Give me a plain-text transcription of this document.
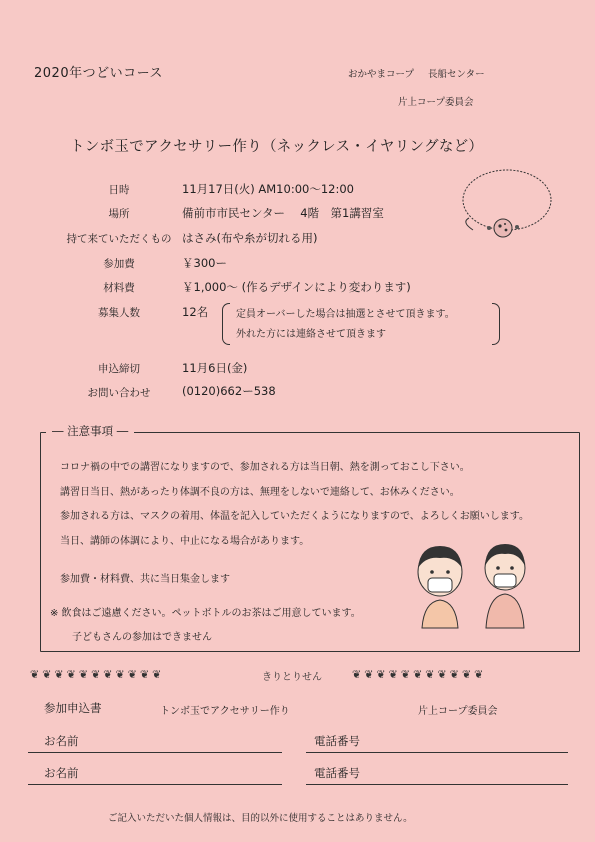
2020年つどいコース	おかやまコープ 長船センター
片上コープ委員会
トンボ玉でアクセサリー作り（ネックレス・イヤリングなど）
日時	11月17日(火) AM10:00〜12:00
場所	備前市市民センター　 4階　第1講習室
持て来ていただくもの はさみ(布や糸が切れる用)
参加費	￥300ー
材料費	￥1,000〜 (作るデザインにより変わります)
募集人数	12名	定員オーバーした場合は抽選とさせて頂きます。
外れた方には連絡させて頂きます
申込締切	11月6日(金)
お問い合わせ	(0120)662ー538
― 注意事項 ―
コロナ禍の中での講習になりますので、参加される方は当日朝、熱を測っておこし下さい。
講習日当日、熱があったり体調不良の方は、無理をしないで連絡して、お休みください。
参加される方は、マスクの着用、体温を記入していただくようになりますので、よろしくお願いします。
当日、講師の体調により、中止になる場合があります。
参加費・材料費、共に当日集金します
※ 飲食はご遠慮ください。ペットボトルのお茶はご用意しています。
子どもさんの参加はできません
❦❦❦❦❦❦❦❦❦❦❦	きりとりせん	❦❦❦❦❦❦❦❦❦❦❦
参加申込書	トンボ玉でアクセサリー作り	片上コープ委員会
お名前	電話番号
お名前	電話番号
ご記入いただいた個人情報は、目的以外に使用することはありません。
